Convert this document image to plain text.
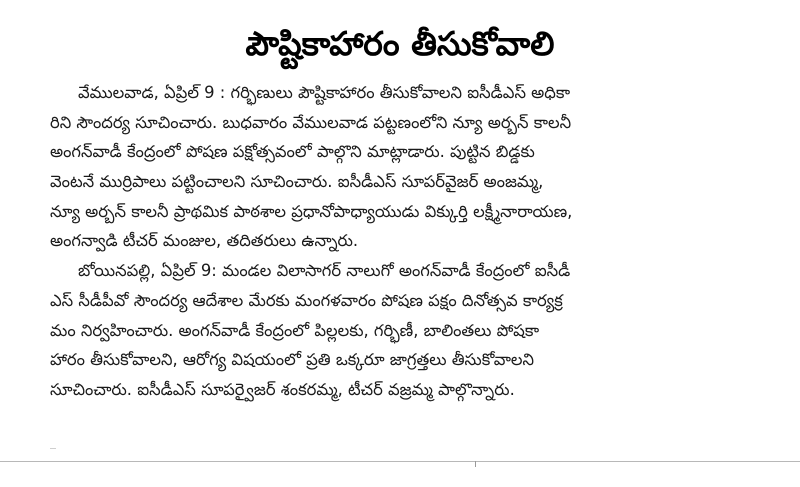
పౌష్టికాహారం తీసుకోవాలి
వేములవాడ, ఏప్రిల్ 9 : గర్భిణులు పౌష్టికాహారం తీసుకోవాలని ఐసీడీఎస్ అధికా
రిని సౌందర్య సూచించారు. బుధవారం వేములవాడ పట్టణంలోని న్యూ అర్బన్ కాలనీ
అంగన్‌వాడీ కేంద్రంలో పోషణ పక్షోత్సవంలో పాల్గొని మాట్లాడారు. పుట్టిన బిడ్డకు
వెంటనే ముర్రిపాలు పట్టించాలని సూచించారు. ఐసీడీఎస్ సూపర్‌వైజర్ అంజమ్మ,
న్యూ అర్బన్ కాలనీ ప్రాథమిక పాఠశాల ప్రధానోపాధ్యాయుడు విక్కుర్తి లక్ష్మీనారాయణ,
అంగన్వాడి టీచర్ మంజుల, తదితరులు ఉన్నారు.
బోయినపల్లి, ఏప్రిల్ 9: మండల విలాసాగర్ నాలుగో అంగన్‌వాడీ కేంద్రంలో ఐసీడీ
ఎస్ సీడీపీవో సౌందర్య ఆదేశాల మేరకు మంగళవారం పోషణ పక్షం దినోత్సవ కార్యక్ర
మం నిర్వహించారు. అంగన్‌వాడీ కేంద్రంలో పిల్లలకు, గర్భిణీ, బాలింతలు పోషకా
హారం తీసుకోవాలని, ఆరోగ్య విషయంలో ప్రతి ఒక్కరూ జాగ్రత్తలు తీసుకోవాలని
సూచించారు. ఐసీడీఎస్ సూపర్వైజర్ శంకరమ్మ, టీచర్ వజ్రమ్మ పాల్గొన్నారు.
